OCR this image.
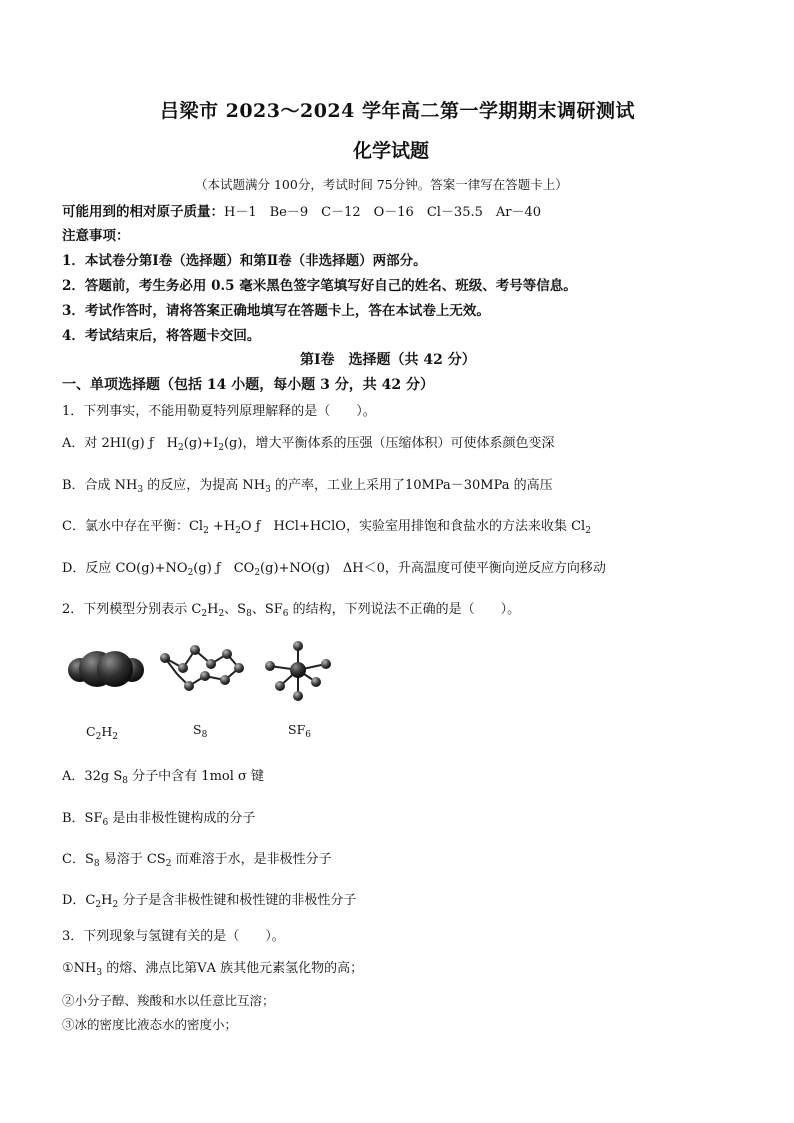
吕梁市 2023～2024 学年高二第一学期期末调研测试
化学试题
（本试题满分 100分，考试时间 75分钟。答案一律写在答题卡上）
可能用到的相对原子质量：H－1　Be－9　C－12　O－16　Cl－35.5　Ar－40
注意事项：
1．本试卷分第Ⅰ卷（选择题）和第Ⅱ卷（非选择题）两部分。
2．答题前，考生务必用 0.5 毫米黑色签字笔填写好自己的姓名、班级、考号等信息。
3．考试作答时，请将答案正确地填写在答题卡上，答在本试卷上无效。
4．考试结束后，将答题卡交回。
第Ⅰ卷　选择题（共 42 分）
一、单项选择题（包括 14 小题，每小题 3 分，共 42 分）
1．下列事实，不能用勒夏特列原理解释的是（　　）。
A．对 2HI(g) ƒ　$H_2(g)+I_2(g)$，增大平衡体系的压强（压缩体积）可使体系颜色变深
B．合成 $NH_3$ 的反应，为提高 $NH_3$ 的产率，工业上采用了10MPa－30MPa 的高压
C．氯水中存在平衡：$Cl_2 +H_2O$ ƒ　HCl+HClO，实验室用排饱和食盐水的方法来收集 $Cl_2$
D．反应 $CO(g)+NO_2(g)$ ƒ　$CO_2(g)+NO(g)$　ΔH＜0，升高温度可使平衡向逆反应方向移动
2．下列模型分别表示 $C_2H_2$、$S_8$、$SF_6$ 的结构，下列说法不正确的是（　　）。
$C_2H_2$	$S_8$	$SF_6$
A．32g $S_8$ 分子中含有 1mol σ 键
B．$SF_6$ 是由非极性键构成的分子
C．$S_8$ 易溶于 $CS_2$ 而难溶于水，是非极性分子
D．$C_2H_2$ 分子是含非极性键和极性键的非极性分子
3．下列现象与氢键有关的是（　　）。
$①NH_3$ 的熔、沸点比第ⅤA 族其他元素氢化物的高；
②小分子醇、羧酸和水以任意比互溶；
③冰的密度比液态水的密度小；
